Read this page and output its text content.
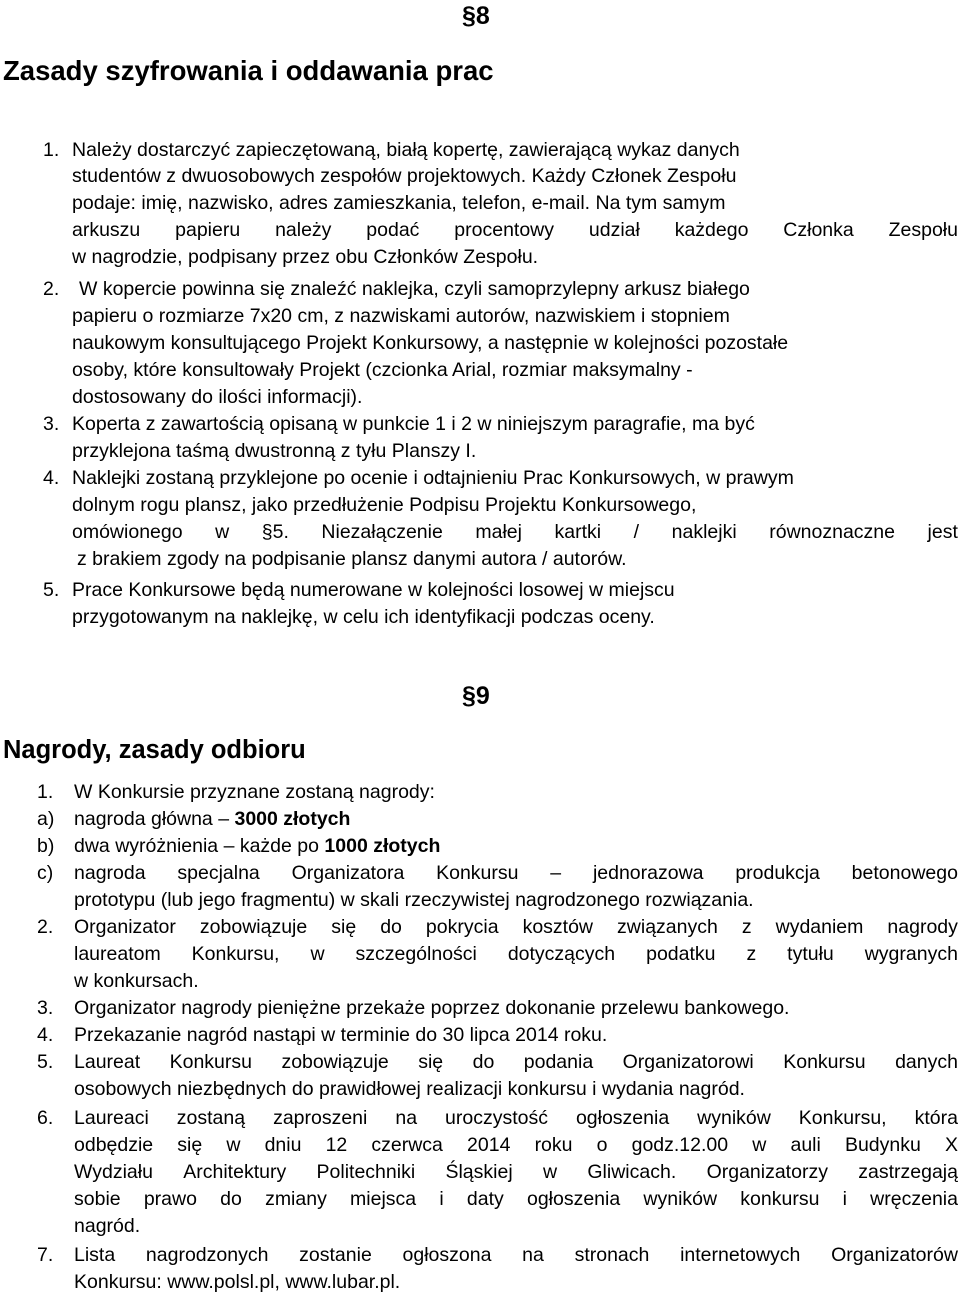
§8
Zasady szyfrowania i oddawania prac
1. Należy dostarczyć zapieczętowaną, białą kopertę, zawierającą wykaz danych
studentów z dwuosobowych zespołów projektowych. Każdy Członek Zespołu
podaje: imię, nazwisko, adres zamieszkania, telefon, e-mail. Na tym samym
arkuszu papieru należy podać procentowy udział każdego Członka Zespołu
w nagrodzie, podpisany przez obu Członków Zespołu.
2. W kopercie powinna się znaleźć naklejka, czyli samoprzylepny arkusz białego
papieru o rozmiarze 7x20 cm, z nazwiskami autorów, nazwiskiem i stopniem
naukowym konsultującego Projekt Konkursowy, a następnie w kolejności pozostałe
osoby, które konsultowały Projekt (czcionka Arial, rozmiar maksymalny -
dostosowany do ilości informacji).
3. Koperta z zawartością opisaną w punkcie 1 i 2 w niniejszym paragrafie, ma być
przyklejona taśmą dwustronną z tyłu Planszy I.
4. Naklejki zostaną przyklejone po ocenie i odtajnieniu Prac Konkursowych, w prawym
dolnym rogu plansz, jako przedłużenie Podpisu Projektu Konkursowego,
omówionego w §5. Niezałączenie małej kartki / naklejki równoznaczne jest
z brakiem zgody na podpisanie plansz danymi autora / autorów.
5. Prace Konkursowe będą numerowane w kolejności losowej w miejscu
przygotowanym na naklejkę, w celu ich identyfikacji podczas oceny.
§9
Nagrody, zasady odbioru
1. W Konkursie przyznane zostaną nagrody:
a) nagroda główna – 3000 złotych
b) dwa wyróżnienia – każde po 1000 złotych
c) nagroda specjalna Organizatora Konkursu – jednorazowa produkcja betonowego
prototypu (lub jego fragmentu) w skali rzeczywistej nagrodzonego rozwiązania.
2. Organizator zobowiązuje się do pokrycia kosztów związanych z wydaniem nagrody
laureatom Konkursu, w szczególności dotyczących podatku z tytułu wygranych
w konkursach.
3. Organizator nagrody pieniężne przekaże poprzez dokonanie przelewu bankowego.
4. Przekazanie nagród nastąpi w terminie do 30 lipca 2014 roku.
5. Laureat Konkursu zobowiązuje się do podania Organizatorowi Konkursu danych
osobowych niezbędnych do prawidłowej realizacji konkursu i wydania nagród.
6. Laureaci zostaną zaproszeni na uroczystość ogłoszenia wyników Konkursu, która
odbędzie się w dniu 12 czerwca 2014 roku o godz.12.00 w auli Budynku X
Wydziału Architektury Politechniki Śląskiej w Gliwicach. Organizatorzy zastrzegają
sobie prawo do zmiany miejsca i daty ogłoszenia wyników konkursu i wręczenia
nagród.
7. Lista nagrodzonych zostanie ogłoszona na stronach internetowych Organizatorów
Konkursu: www.polsl.pl, www.lubar.pl.
